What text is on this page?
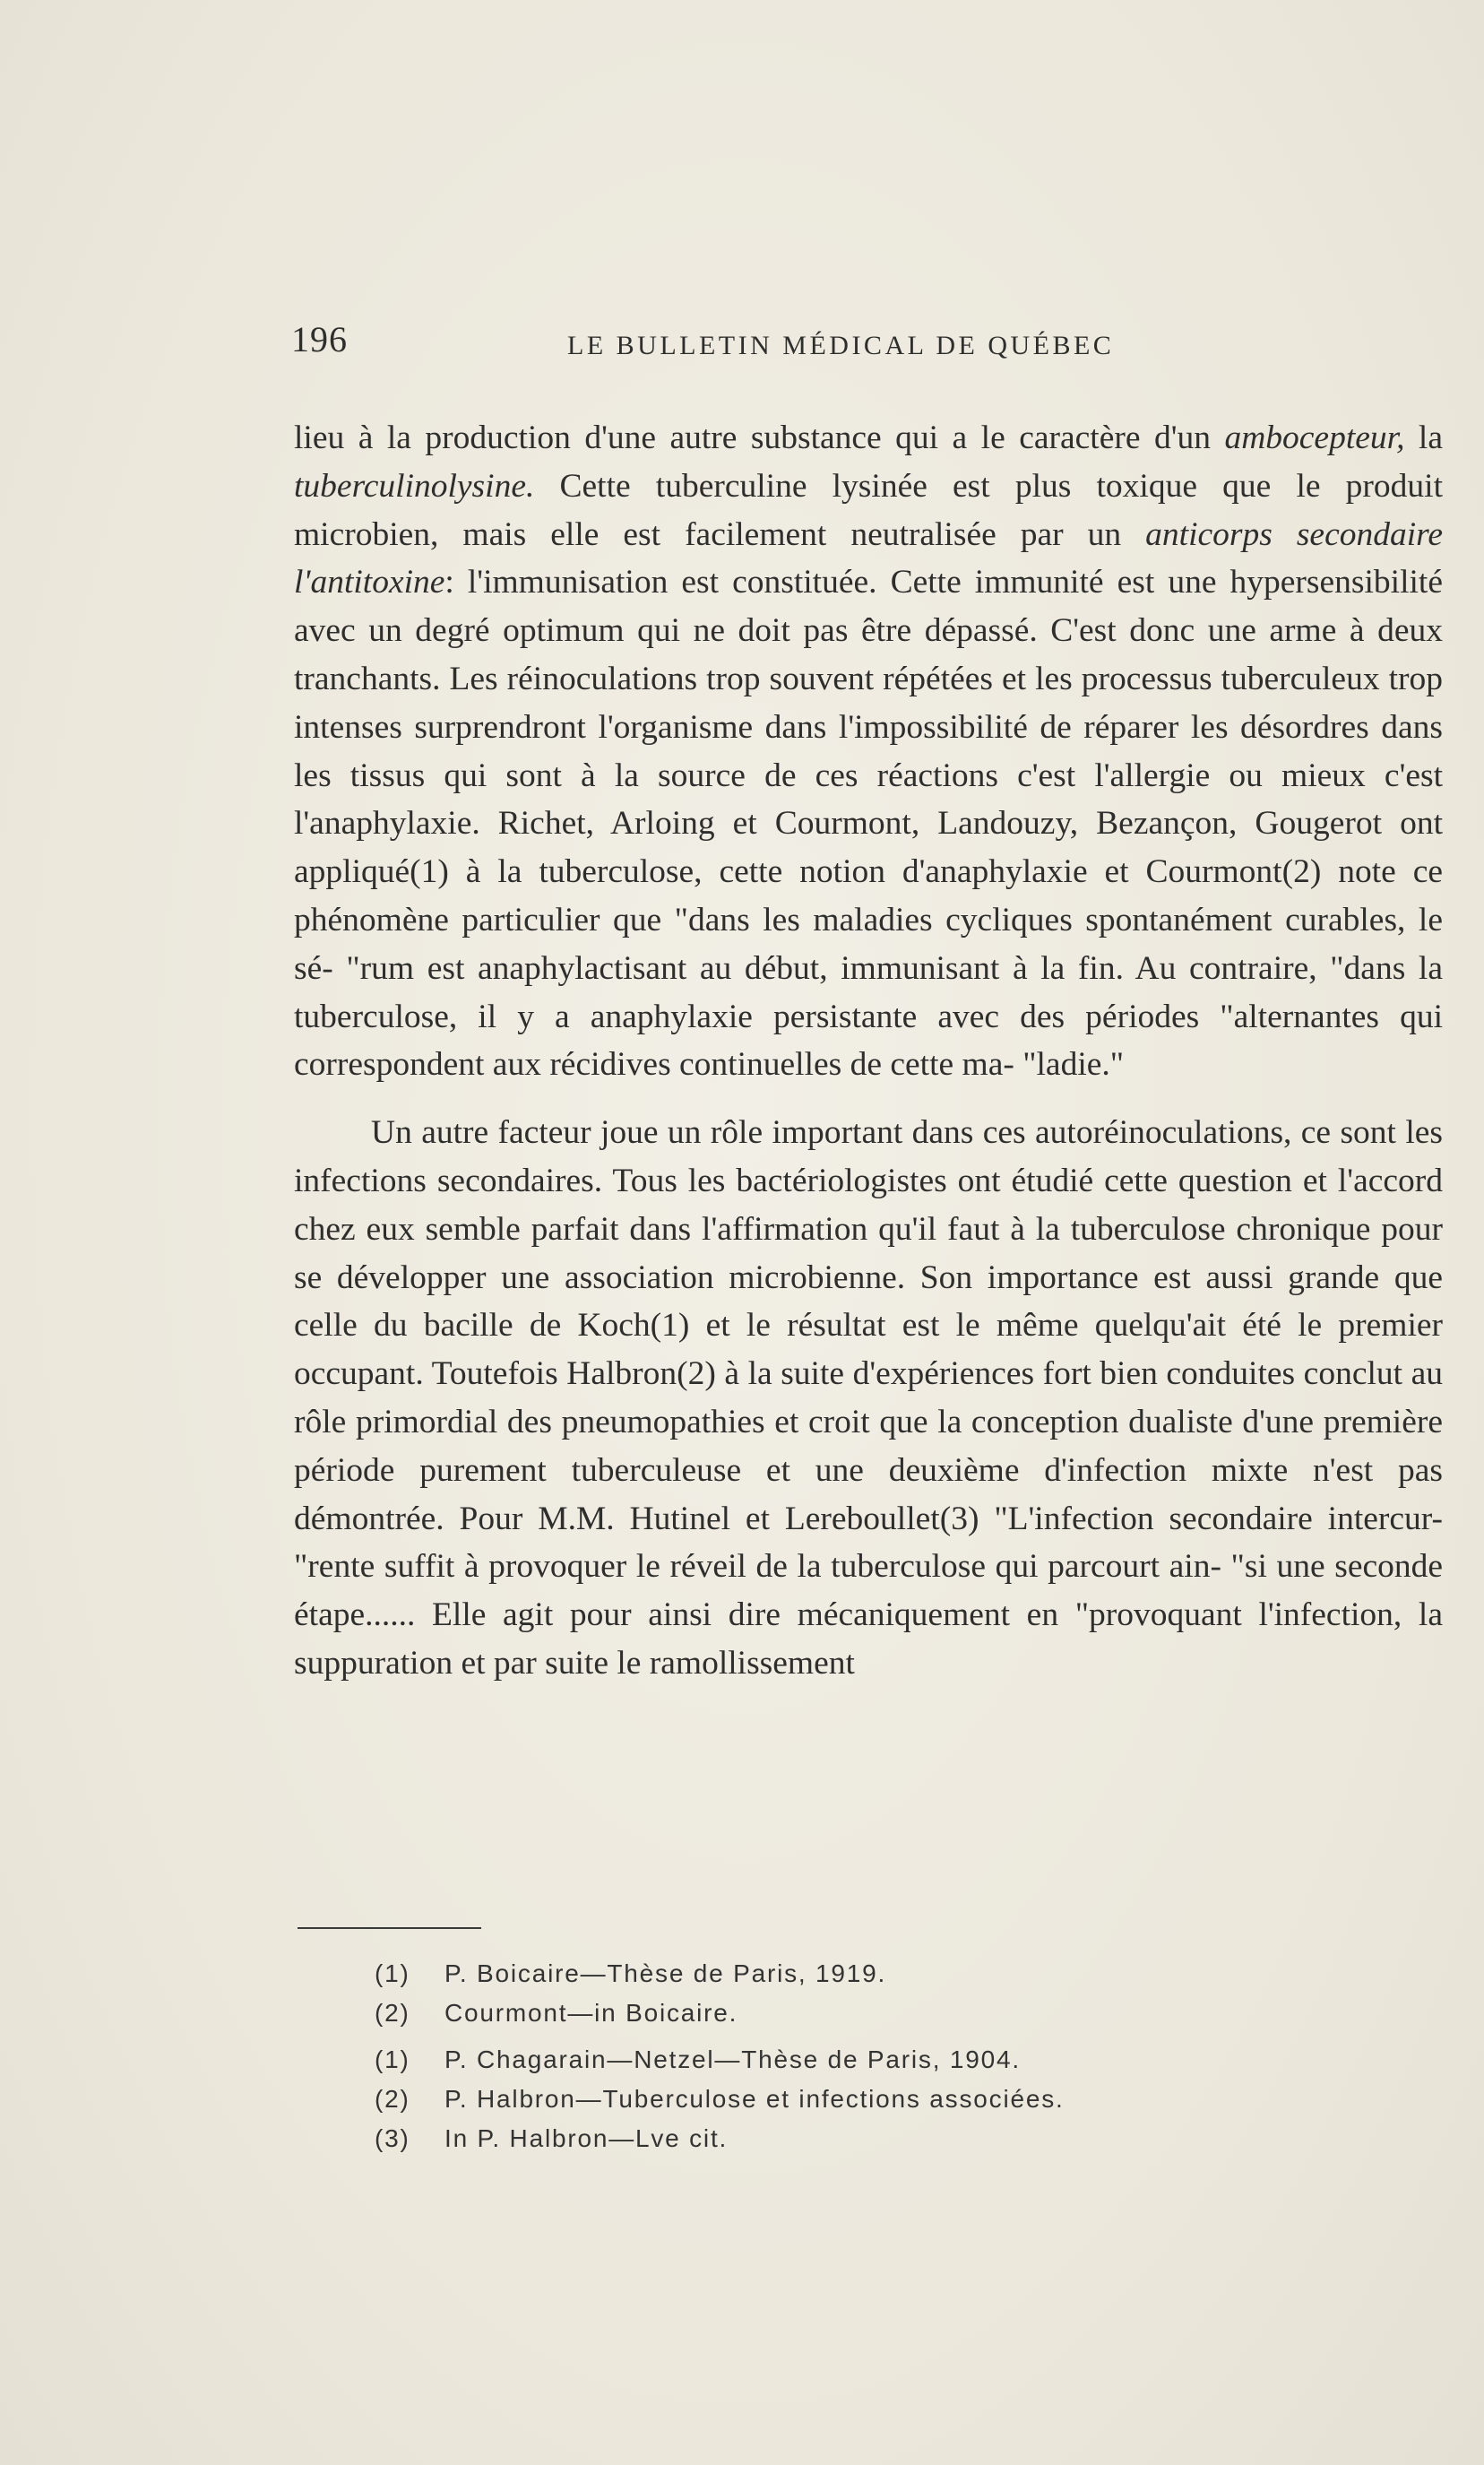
196	LE BULLETIN MÉDICAL DE QUÉBEC

lieu à la production d'une autre substance qui a le caractère d'un ambocepteur, la tuberculinolysine. Cette tuberculine lysinée est plus toxique que le produit microbien, mais elle est facilement neutralisée par un anticorps secondaire l'antitoxine: l'immunisation est constituée. Cette immunité est une hypersensibilité avec un degré optimum qui ne doit pas être dépassé. C'est donc une arme à deux tranchants. Les réinoculations trop souvent répétées et les processus tuberculeux trop intenses surprendront l'organisme dans l'impossibilité de réparer les désordres dans les tissus qui sont à la source de ces réactions c'est l'allergie ou mieux c'est l'anaphylaxie. Richet, Arloing et Courmont, Landouzy, Bezançon, Gougerot ont appliqué(1) à la tuberculose, cette notion d'anaphylaxie et Courmont(2) note ce phénomène particulier que "dans les maladies cycliques spontanément curables, le sé- "rum est anaphylactisant au début, immunisant à la fin. Au contraire, "dans la tuberculose, il y a anaphylaxie persistante avec des périodes "alternantes qui correspondent aux récidives continuelles de cette ma- "ladie."

Un autre facteur joue un rôle important dans ces autoréinoculations, ce sont les infections secondaires. Tous les bactériologistes ont étudié cette question et l'accord chez eux semble parfait dans l'affirmation qu'il faut à la tuberculose chronique pour se développer une association microbienne. Son importance est aussi grande que celle du bacille de Koch(1) et le résultat est le même quelqu'ait été le premier occupant. Toutefois Halbron(2) à la suite d'expériences fort bien conduites conclut au rôle primordial des pneumopathies et croit que la conception dualiste d'une première période purement tuberculeuse et une deuxième d'infection mixte n'est pas démontrée. Pour M.M. Hutinel et Lereboullet(3) "L'infection secondaire intercur- "rente suffit à provoquer le réveil de la tuberculose qui parcourt ain- "si une seconde étape...... Elle agit pour ainsi dire mécaniquement en "provoquant l'infection, la suppuration et par suite le ramollissement

(1) P. Boicaire—Thèse de Paris, 1919.
(2) Courmont—in Boicaire.
(1) P. Chagarain—Netzel—Thèse de Paris, 1904.
(2) P. Halbron—Tuberculose et infections associées.
(3) In P. Halbron—Lve cit.
